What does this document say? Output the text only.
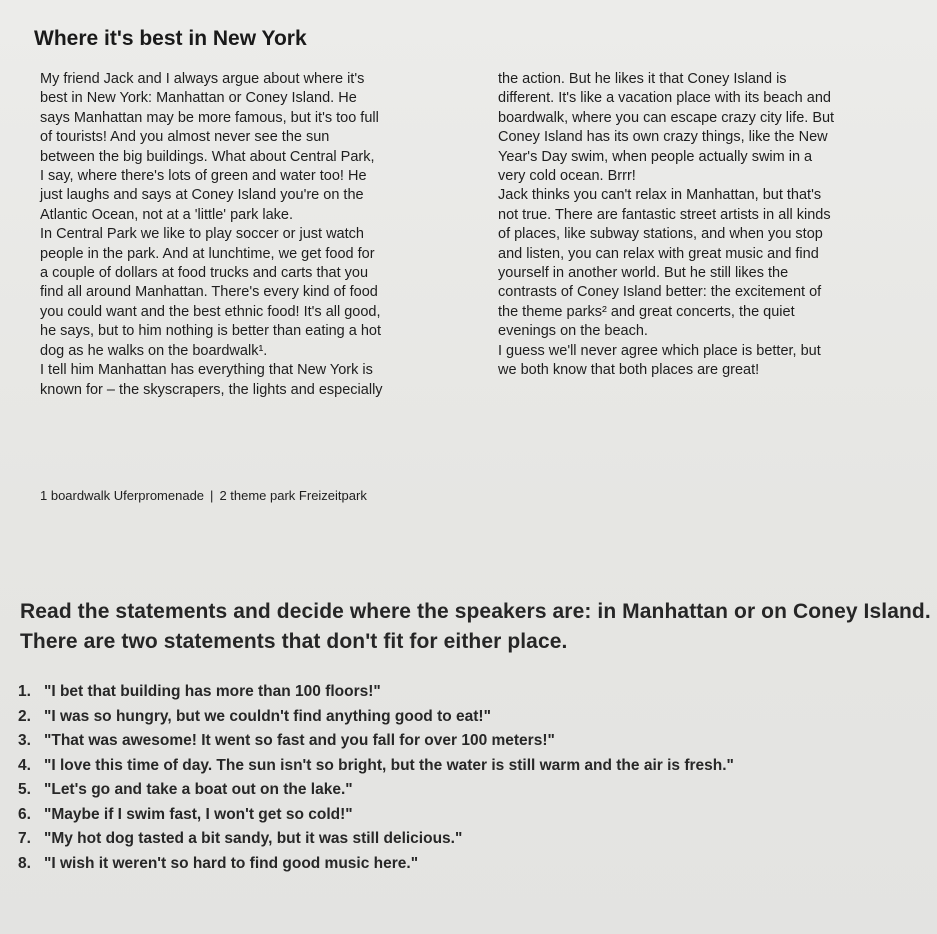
Where it's best in New York

My friend Jack and I always argue about where it's

best in New York: Manhattan or Coney Island. He

says Manhattan may be more famous, but it's too full

of tourists! And you almost never see the sun

between the big buildings. What about Central Park,

I say, where there's lots of green and water too! He

just laughs and says at Coney Island you're on the

Atlantic Ocean, not at a 'little' park lake.

In Central Park we like to play soccer or just watch

people in the park. And at lunchtime, we get food for

a couple of dollars at food trucks and carts that you

find all around Manhattan. There's every kind of food

you could want and the best ethnic food! It's all good,

he says, but to him nothing is better than eating a hot

dog as he walks on the boardwalk¹.

I tell him Manhattan has everything that New York is

known for – the skyscrapers, the lights and especially

the action. But he likes it that Coney Island is

different. It's like a vacation place with its beach and

boardwalk, where you can escape crazy city life. But

Coney Island has its own crazy things, like the New

Year's Day swim, when people actually swim in a

very cold ocean. Brrr!

Jack thinks you can't relax in Manhattan, but that's

not true. There are fantastic street artists in all kinds

of places, like subway stations, and when you stop

and listen, you can relax with great music and find

yourself in another world. But he still likes the

contrasts of Coney Island better: the excitement of

the theme parks² and great concerts, the quiet

evenings on the beach.

I guess we'll never agree which place is better, but

we both know that both places are great!

1 boardwalk Uferpromenade | 2 theme park Freizeitpark
Read the statements and decide where the speakers are: in Manhattan or on Coney Island. There are two statements that don't fit for either place.
1. "I bet that building has more than 100 floors!"
2. "I was so hungry, but we couldn't find anything good to eat!"
3. "That was awesome! It went so fast and you fall for over 100 meters!"
4. "I love this time of day. The sun isn't so bright, but the water is still warm and the air is fresh."
5. "Let's go and take a boat out on the lake."
6. "Maybe if I swim fast, I won't get so cold!"
7. "My hot dog tasted a bit sandy, but it was still delicious."
8. "I wish it weren't so hard to find good music here."
